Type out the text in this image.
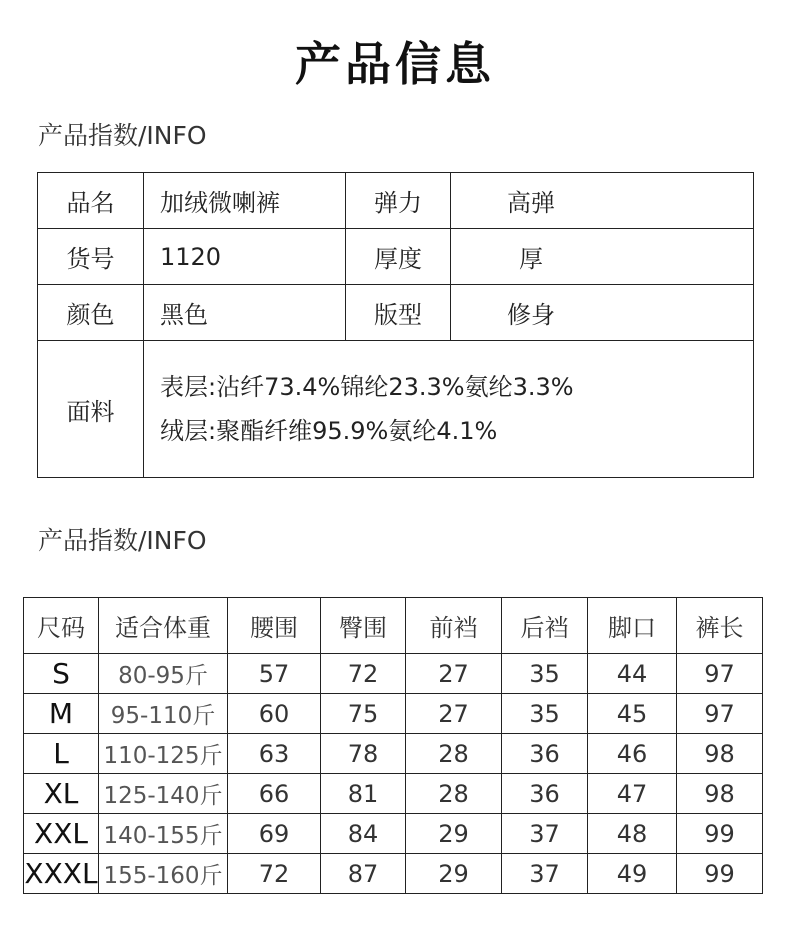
产品信息
产品指数/INFO
品名	加绒微喇裤	弹力	高弹
货号	1120	厚度	厚
颜色	黑色	版型	修身
面料	表层:沾纤73.4%锦纶23.3%氨纶3.3%
绒层:聚酯纤维95.9%氨纶4.1%		
产品指数/INFO
尺码	适合体重	腰围	臀围	前裆	后裆	脚口	裤长
S	80-95斤	57	72	27	35	44	97
M	95-110斤	60	75	27	35	45	97
L	110-125斤	63	78	28	36	46	98
XL	125-140斤	66	81	28	36	47	98
XXL	140-155斤	69	84	29	37	48	99
XXXL	155-160斤	72	87	29	37	49	99
